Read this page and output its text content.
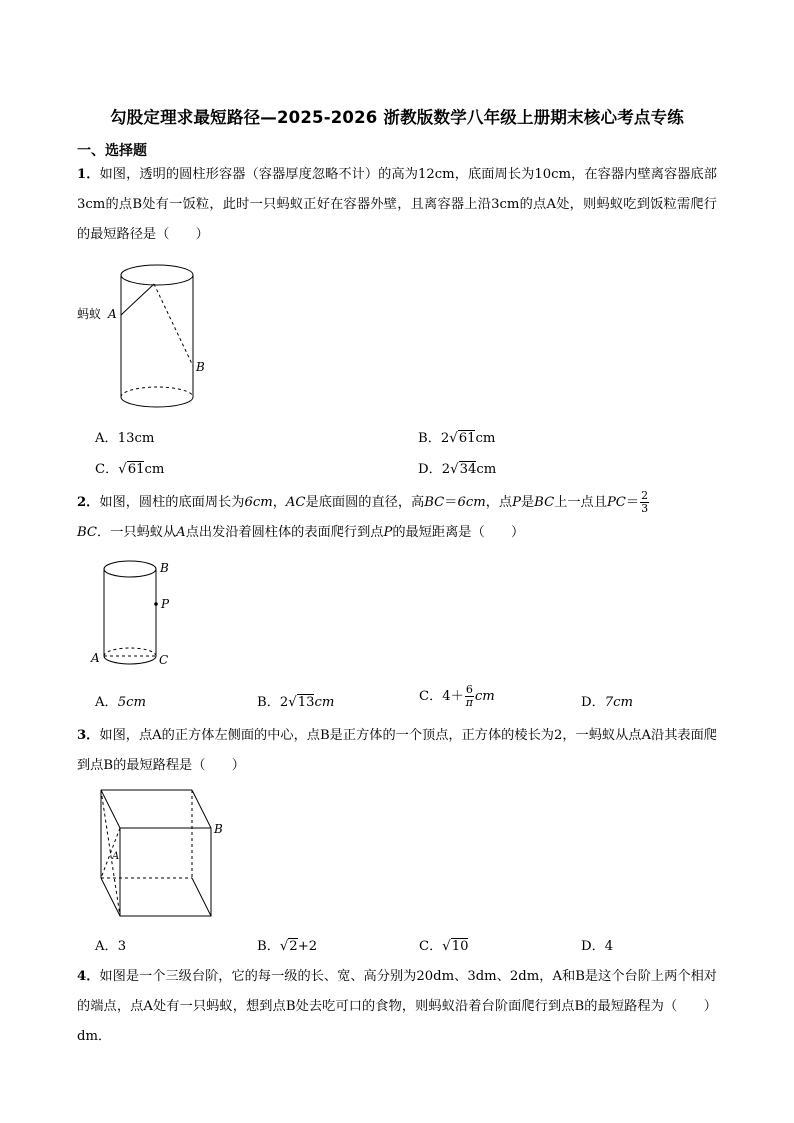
勾股定理求最短路径—2025-2026 浙教版数学八年级上册期末核心考点专练
一、选择题
1．如图，透明的圆柱形容器（容器厚度忽略不计）的高为12cm，底面周长为10cm，在容器内壁离容器底部3cm的点B处有一饭粒，此时一只蚂蚁正好在容器外壁，且离容器上沿3cm的点A处，则蚂蚁吃到饭粒需爬行的最短路径是（　　）
蚂蚁 A
B
A．13cm	B．2√61cm
C．√61cm	D．2√34cm
2．如图，圆柱的底面周长为6cm，AC是底面圆的直径，高BC＝6cm，点P是BC上一点且$PC= \frac{2}{3}$

BC．一只蚂蚁从A点出发沿着圆柱体的表面爬行到点P的最短距离是（　　）
B
P
A	C
A．5cm	B．2√13cm	C．$4+ \frac{6}{\pi}$ cm	D．7cm
3．如图，点A的正方体左侧面的中心，点B是正方体的一个顶点，正方体的棱长为2，一蚂蚁从点A沿其表面爬到点B的最短路程是（　　）
A
B
A．3	B．√2+2	C．√10	D．4
4．如图是一个三级台阶，它的每一级的长、宽、高分别为20dm、3dm、2dm，A和B是这个台阶上两个相对的端点，点A处有一只蚂蚁，想到点B处去吃可口的食物，则蚂蚁沿着台阶面爬行到点B的最短路程为（　　）dm．
